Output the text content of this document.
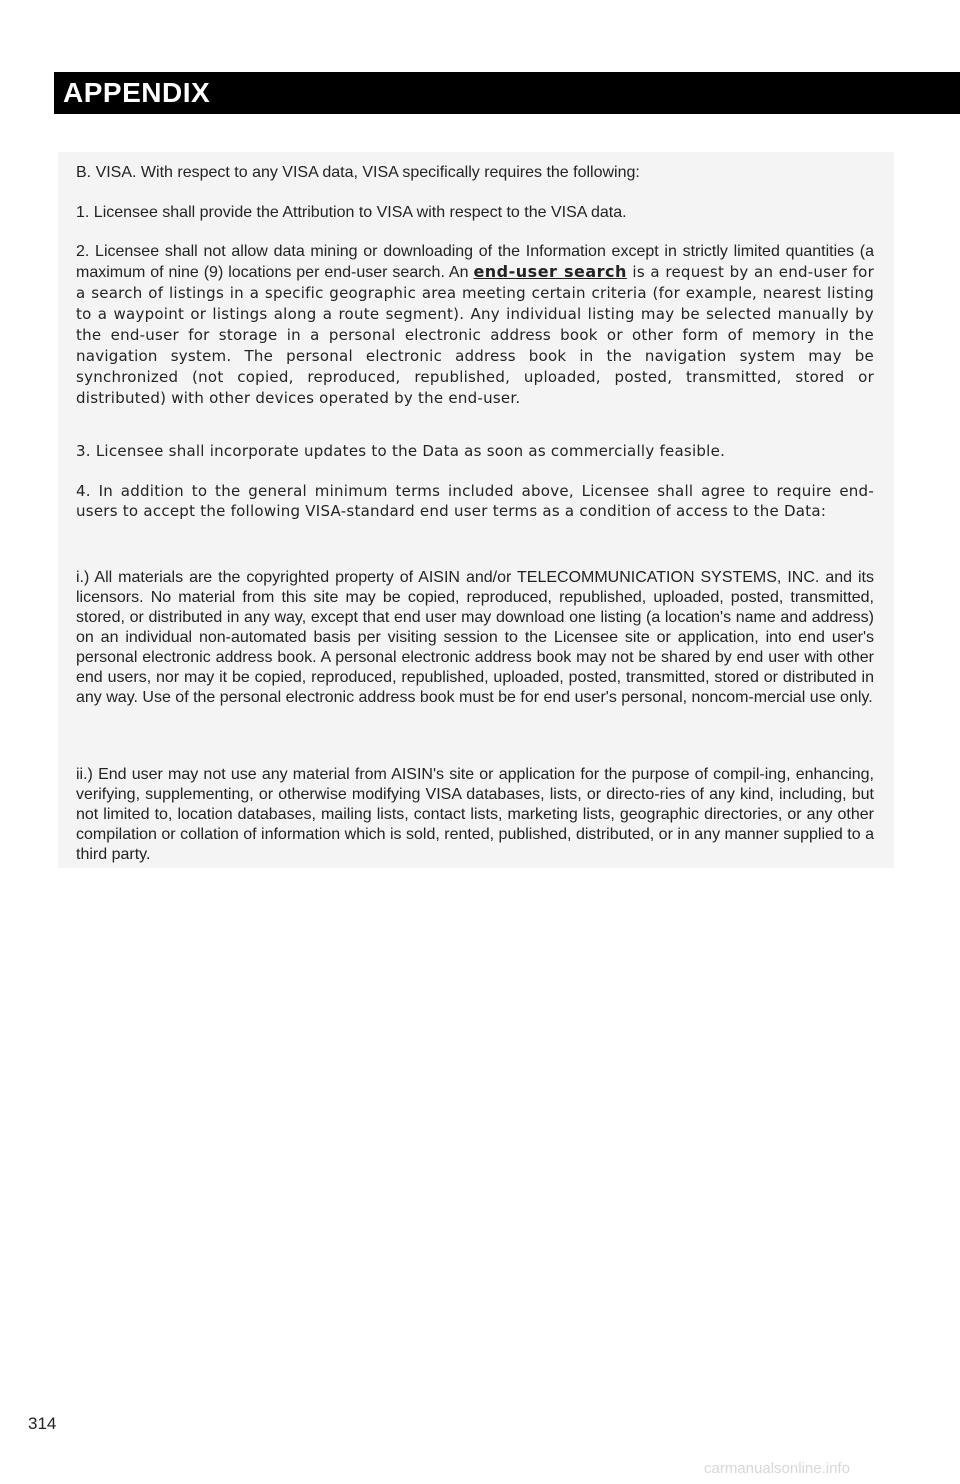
APPENDIX

B. VISA. With respect to any VISA data, VISA specifically requires the following:

1. Licensee shall provide the Attribution to VISA with respect to the VISA data.

2. Licensee shall not allow data mining or downloading of the Information except in strictly limited quantities (a maximum of nine (9) locations per end-user search. An end-user search is a request by an end-user for a search of listings in a specific geographic area meeting certain criteria (for example, nearest listing to a waypoint or listings along a route segment). Any individual listing may be selected manually by the end-user for storage in a personal electronic address book or other form of memory in the navigation system. The personal electronic address book in the navigation system may be synchronized (not copied, reproduced, republished, uploaded, posted, transmitted, stored or distributed) with other devices operated by the end-user.

3. Licensee shall incorporate updates to the Data as soon as commercially feasible.

4. In addition to the general minimum terms included above, Licensee shall agree to require end-users to accept the following VISA-standard end user terms as a condition of access to the Data:

i.) All materials are the copyrighted property of AISIN and/or TELECOMMUNICATION SYSTEMS, INC. and its licensors. No material from this site may be copied, reproduced, republished, uploaded, posted, transmitted, stored, or distributed in any way, except that end user may download one listing (a location's name and address) on an individual non-automated basis per visiting session to the Licensee site or application, into end user's personal electronic address book. A personal electronic address book may not be shared by end user with other end users, nor may it be copied, reproduced, republished, uploaded, posted, transmitted, stored or distributed in any way. Use of the personal electronic address book must be for end user's personal, noncom-mercial use only.

ii.) End user may not use any material from AISIN's site or application for the purpose of compil-ing, enhancing, verifying, supplementing, or otherwise modifying VISA databases, lists, or directo-ries of any kind, including, but not limited to, location databases, mailing lists, contact lists, marketing lists, geographic directories, or any other compilation or collation of information which is sold, rented, published, distributed, or in any manner supplied to a third party.

314
carmanualsonline.info
